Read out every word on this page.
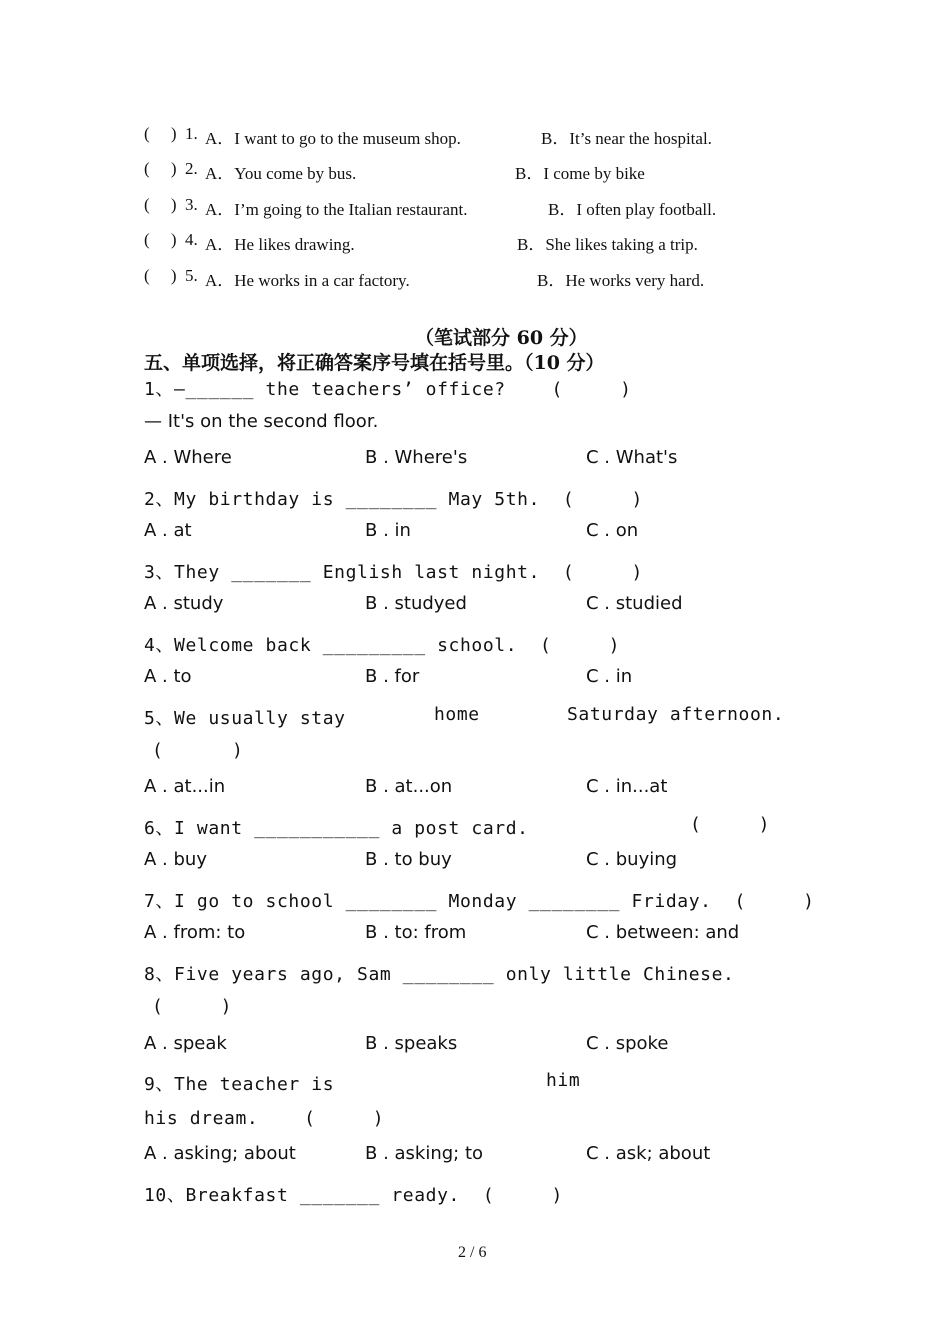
(     ) 1. A．I want to go to the museum shop.	B．It’s near the hospital.
(     ) 2. A．You come by bus.	B．I come by bike
(     ) 3. A．I’m going to the Italian restaurant.	B．I often play football.
(     ) 4. A．He likes drawing.	B．She likes taking a trip.
(     ) 5. A．He works in a car factory.	B．He works very hard.
（笔试部分 60 分）
五、单项选择，将正确答案序号填在括号里。（10 分）
1、—______ the teachers’ office?    (     )
— It's on the second floor.
A . Where	B . Where's	C . What's
2、My birthday is ________ May 5th.  (     )
A . at	B . in	C . on
3、They _______ English last night.  (     )
A . study	B . studyed	C . studied
4、Welcome back _________ school.  (     )
A . to	B . for	C . in
5、We usually stay	home	Saturday afternoon.
(      )
A . at...in	B . at...on	C . in...at
6、I want ___________ a post card.	(     )
A . buy	B . to buy	C . buying
7、I go to school ________ Monday ________ Friday.  (     )
A . from: to	B . to: from	C . between: and
8、Five years ago, Sam ________ only little Chinese.
(     )
A . speak	B . speaks	C . spoke
9、The teacher is	him
his dream.    (     )
A . asking; about	B . asking; to	C . ask; about
10、Breakfast _______ ready.  (     )
2 / 6
